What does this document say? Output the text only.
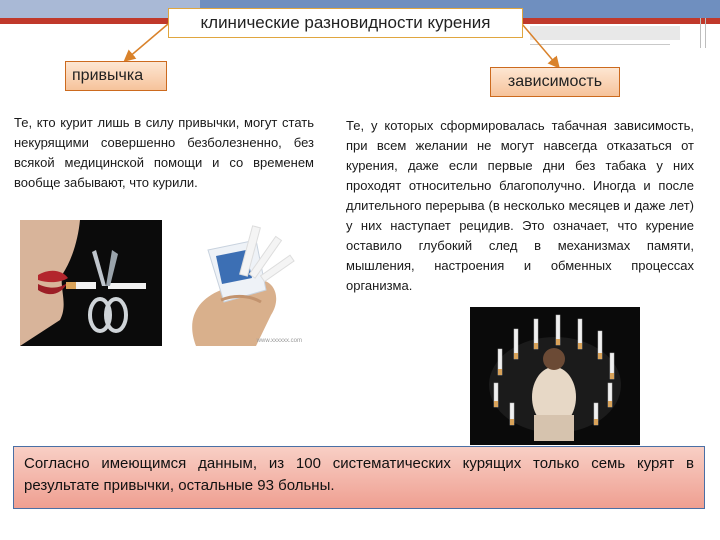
клинические разновидности курения
привычка	зависимость
Те, кто курит лишь в силу привычки, могут стать некурящими совершенно безболезненно, без всякой медицинской помощи и со временем вообще забывают, что курили.
Те, у которых сформировалась табачная зависимость, при всем желании не могут навсегда отказаться от курения, даже если первые дни без табака у них проходят относительно благополучно. Иногда и после длительного перерыва (в несколько месяцев и даже лет) у них наступает рецидив. Это означает, что курение оставило глубокий след в механизмах памяти, мышления, настроения и обменных процессах организма.
www.xxxxxx.com
Согласно имеющимся данным, из 100 систематических курящих только семь курят в результате привычки, остальные 93 больны.
